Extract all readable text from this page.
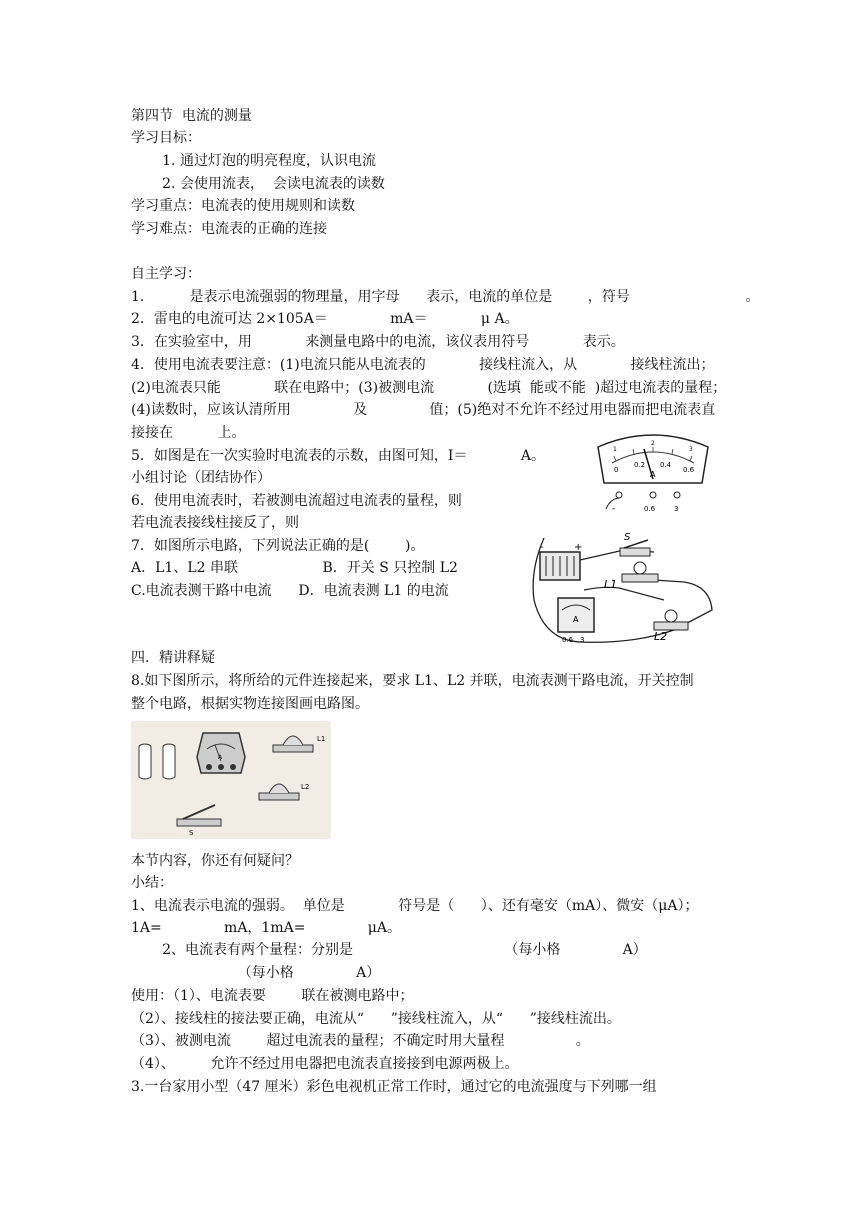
第四节  电流的测量
学习目标：
1. 通过灯泡的明亮程度，认识电流
2. 会使用流表，  会读电流表的读数
学习重点：电流表的使用规则和读数
学习难点：电流表的正确的连接
自主学习：
1．        是表示电流强弱的物理量，用字母      表示，电流的单位是        ，符号                          。
2．雷电的电流可达 2×105A＝              mA＝            μ A。
3．在实验室中，用            来测量电路中的电流，该仪表用符号            表示。
4．使用电流表要注意：(1)电流只能从电流表的            接线柱流入，从            接线柱流出；
(2)电流表只能            联在电路中；(3)被测电流            (选填  能或不能  )超过电流表的量程；
(4)读数时，应该认清所用              及              值；(5)绝对不允许不经过用电器而把电流表直
接接在          上。
5．如图是在一次实验时电流表的示数，由图可知，I＝            A。
小组讨论（团结协作）
6．使用电流表时，若被测电流超过电流表的量程，则
若电流表接线柱接反了，则
7．如图所示电路，下列说法正确的是(        )。
A．L1、L2 串联                   B．开关 S 只控制 L2
C.电流表测干路中电流      D．电流表测 L1 的电流
四．精讲释疑
8.如下图所示，将所给的元件连接起来，要求 L1、L2 并联，电流表测干路电流，开关控制
整个电路，根据实物连接图画电路图。
本节内容，你还有何疑问？
小结：
1、电流表示电流的强弱。  单位是            符号是（      ）、还有毫安（mA）、微安（μA）；
1A=              mA，1mA=              μA。
2、电流表有两个量程：分别是                                  （每小格              A）
（每小格              A）
使用：（1）、电流表要        联在被测电路中；
（2）、接线柱的接法要正确，电流从“      ”接线柱流入，从“      ”接线柱流出。
（3）、被测电流        超过电流表的量程；不确定时用大量程                。
（4）、        允许不经过用电器把电流表直接接到电源两极上。
3.一台家用小型（47 厘米）彩色电视机正常工作时，通过它的电流强度与下列哪一组
1
2
3
0
0.2 0.4
0.6
A
-	0.6	3
+
-
S
L1
L2
A
0.6 3
A
L1
L2
S
